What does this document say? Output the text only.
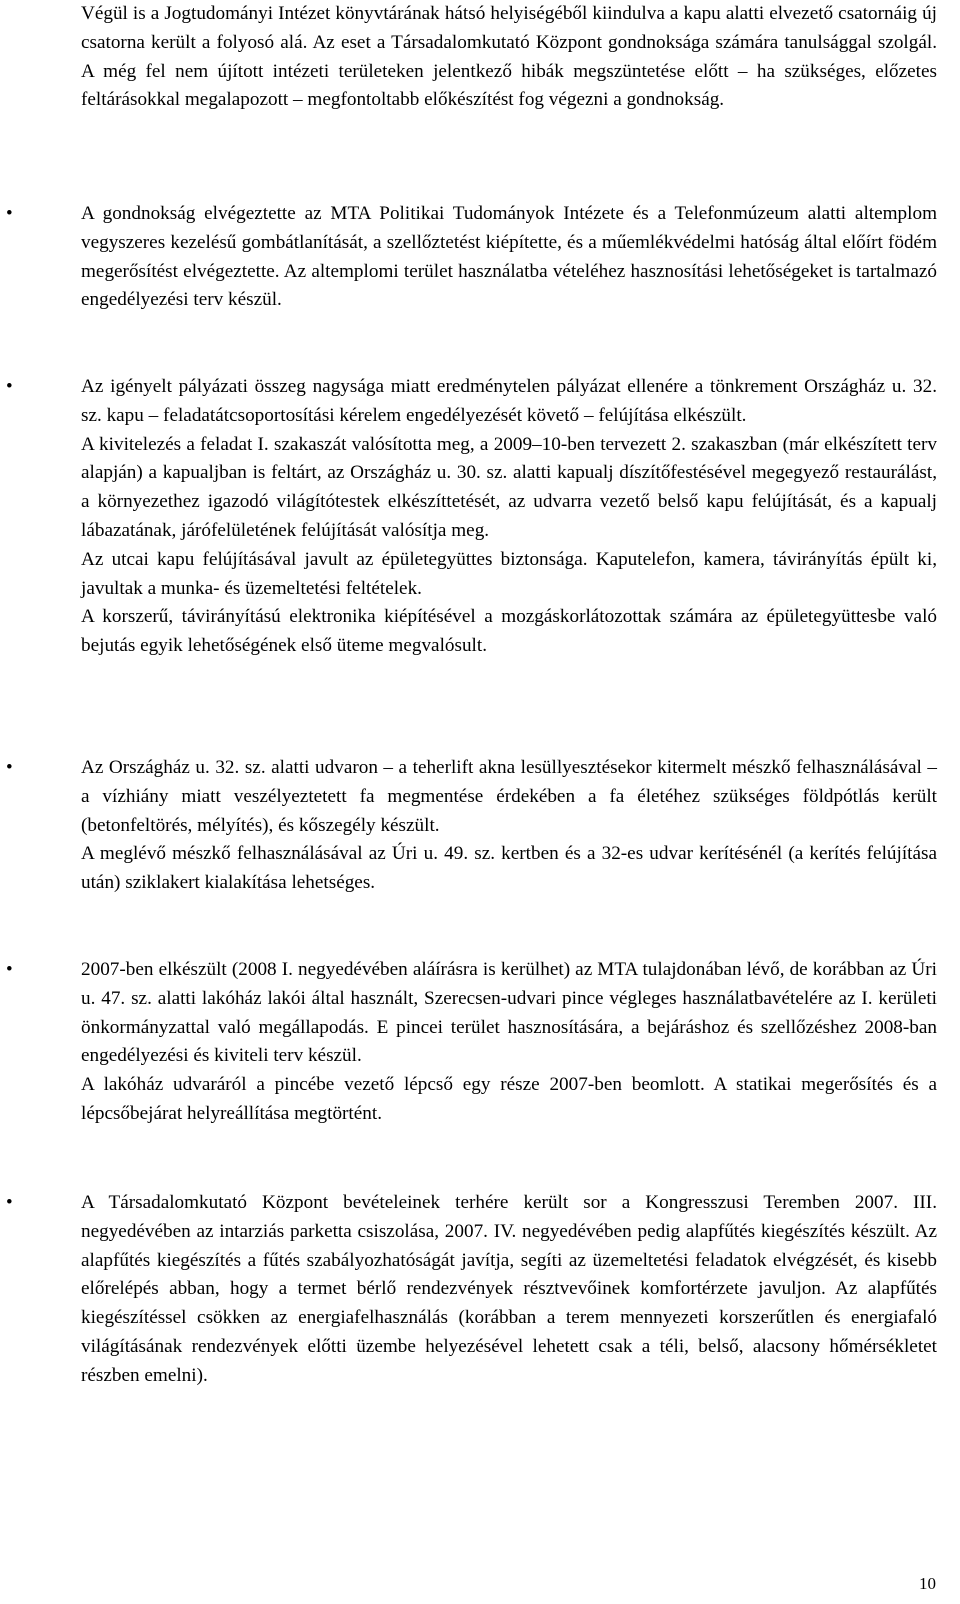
Végül is a Jogtudományi Intézet könyvtárának hátsó helyiségéből kiindulva a kapu alatti elvezető csatornáig új csatorna került a folyosó alá. Az eset a Társadalomkutató Központ gondnoksága számára tanulsággal szolgál. A még fel nem újított intézeti területeken jelentkező hibák megszüntetése előtt – ha szükséges, előzetes feltárásokkal megalapozott – megfontoltabb előkészítést fog végezni a gondnokság.

•	A gondnokság elvégeztette az MTA Politikai Tudományok Intézete és a Telefonmúzeum alatti altemplom vegyszeres kezelésű gombátlanítását, a szellőztetést kiépítette, és a műemlékvédelmi hatóság által előírt födém megerősítést elvégeztette. Az altemplomi terület használatba vételéhez hasznosítási lehetőségeket is tartalmazó engedélyezési terv készül.

•	Az igényelt pályázati összeg nagysága miatt eredménytelen pályázat ellenére a tönkrement Országház u. 32. sz. kapu – feladatátcsoportosítási kérelem engedélyezését követő – felújítása elkészült.

A kivitelezés a feladat I. szakaszát valósította meg, a 2009–10-ben tervezett 2. szakaszban (már elkészített terv alapján) a kapualjban is feltárt, az Országház u. 30. sz. alatti kapualj díszítőfestésével megegyező restaurálást, a környezethez igazodó világítótestek elkészíttetését, az udvarra vezető belső kapu felújítását, és a kapualj lábazatának, járófelületének felújítását valósítja meg.

Az utcai kapu felújításával javult az épületegyüttes biztonsága. Kaputelefon, kamera, távirányítás épült ki, javultak a munka- és üzemeltetési feltételek.

A korszerű, távirányítású elektronika kiépítésével a mozgáskorlátozottak számára az épületegyüttesbe való bejutás egyik lehetőségének első üteme megvalósult.

•	Az Országház u. 32. sz. alatti udvaron – a teherlift akna lesüllyesztésekor kitermelt mészkő felhasználásával – a vízhiány miatt veszélyeztetett fa megmentése érdekében a fa életéhez szükséges földpótlás került (betonfeltörés, mélyítés), és kőszegély készült.

A meglévő mészkő felhasználásával az Úri u. 49. sz. kertben és a 32-es udvar kerítésénél (a kerítés felújítása után) sziklakert kialakítása lehetséges.

•	2007-ben elkészült (2008 I. negyedévében aláírásra is kerülhet) az MTA tulajdonában lévő, de korábban az Úri u. 47. sz. alatti lakóház lakói által használt, Szerecsen-udvari pince végleges használatbavételére az I. kerületi önkormányzattal való megállapodás. E pincei terület hasznosítására, a bejáráshoz és szellőzéshez 2008-ban engedélyezési és kiviteli terv készül.

A lakóház udvaráról a pincébe vezető lépcső egy része 2007-ben beomlott. A statikai megerősítés és a lépcsőbejárat helyreállítása megtörtént.

•	A Társadalomkutató Központ bevételeinek terhére került sor a Kongresszusi Teremben 2007. III. negyedévében az intarziás parketta csiszolása, 2007. IV. negyedévében pedig alapfűtés kiegészítés készült. Az alapfűtés kiegészítés a fűtés szabályozhatóságát javítja, segíti az üzemeltetési feladatok elvégzését, és kisebb előrelépés abban, hogy a termet bérlő rendezvények résztvevőinek komfortérzete javuljon. Az alapfűtés kiegészítéssel csökken az energiafelhasználás (korábban a terem mennyezeti korszerűtlen és energiafaló világításának rendezvények előtti üzembe helyezésével lehetett csak a téli, belső, alacsony hőmérsékletet részben emelni).

10
